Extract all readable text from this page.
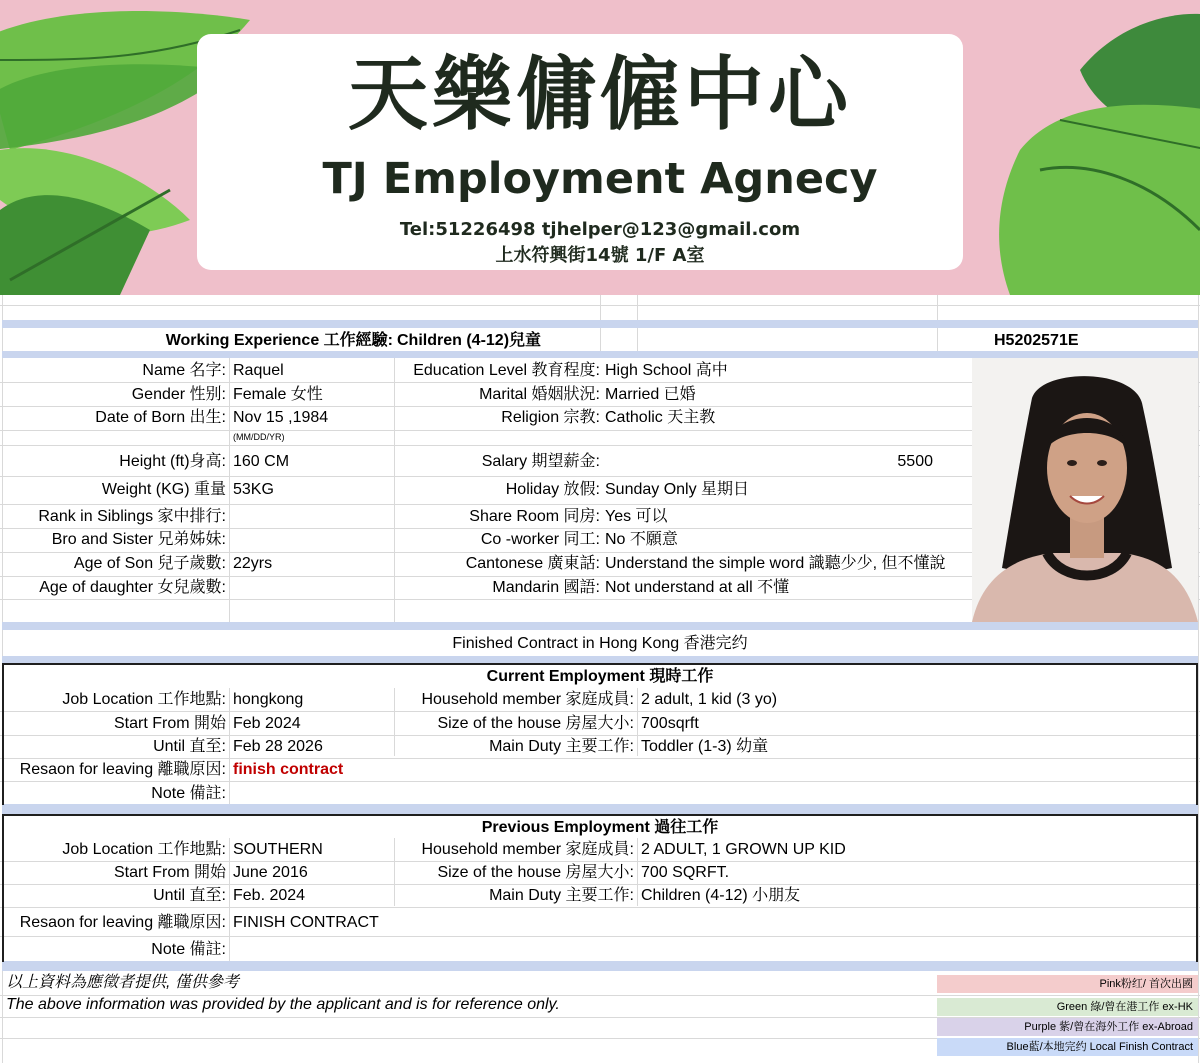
天樂傭僱中心
TJ Employment Agnecy
Tel:51226498 tjhelper@123@gmail.com
上水符興街14號 1/F A室
Working Experience 工作經驗: Children (4-12)兒童	H5202571E
Name 名字: Raquel
Gender 性别: Female 女性
Date of Born 出生: Nov 15 ,1984
(MM/DD/YR)
Height (ft)身高: 160 CM
Weight (KG) 重量 53KG
Rank in Siblings 家中排行:
Bro and Sister 兄弟姊妹:
Age of Son 兒子歲數: 22yrs
Age of daughter 女兒歲數:
Education Level 教育程度: High School 高中
Marital 婚姻狀況: Married 已婚
Religion 宗教: Catholic 天主教
Salary 期望薪金:	5500
Holiday 放假: Sunday Only 星期日
Share Room 同房: Yes 可以
Co -worker 同工: No 不願意
Cantonese 廣東話: Understand the simple word 識聽少少, 但不懂說
Mandarin 國語: Not understand at all 不懂
Finished Contract in Hong Kong 香港完约
Current Employment 現時工作
Job Location 工作地點: hongkong
Start From 開始 Feb 2024
Until 直至: Feb 28 2026
Resaon for leaving 離職原因: finish contract
Note 備註:
Household member 家庭成員: 2 adult, 1 kid (3 yo)
Size of the house 房屋大小: 700sqrft
Main Duty 主要工作: Toddler (1-3) 幼童
Previous Employment 過往工作
Job Location 工作地點: SOUTHERN
Start From 開始 June 2016
Until 直至: Feb. 2024
Resaon for leaving 離職原因: FINISH CONTRACT
Note 備註:
Household member 家庭成員: 2 ADULT, 1 GROWN UP KID
Size of the house 房屋大小: 700 SQRFT.
Main Duty 主要工作: Children (4-12) 小朋友
以上資料為應徵者提供, 僅供參考
The above information was provided by the applicant and is for reference only.
Pink粉红/ 首次出國
Green 綠/曾在港工作 ex-HK
Purple 紫/曾在海外工作 ex-Abroad
Blue藍/本地完约 Local Finish Contract
